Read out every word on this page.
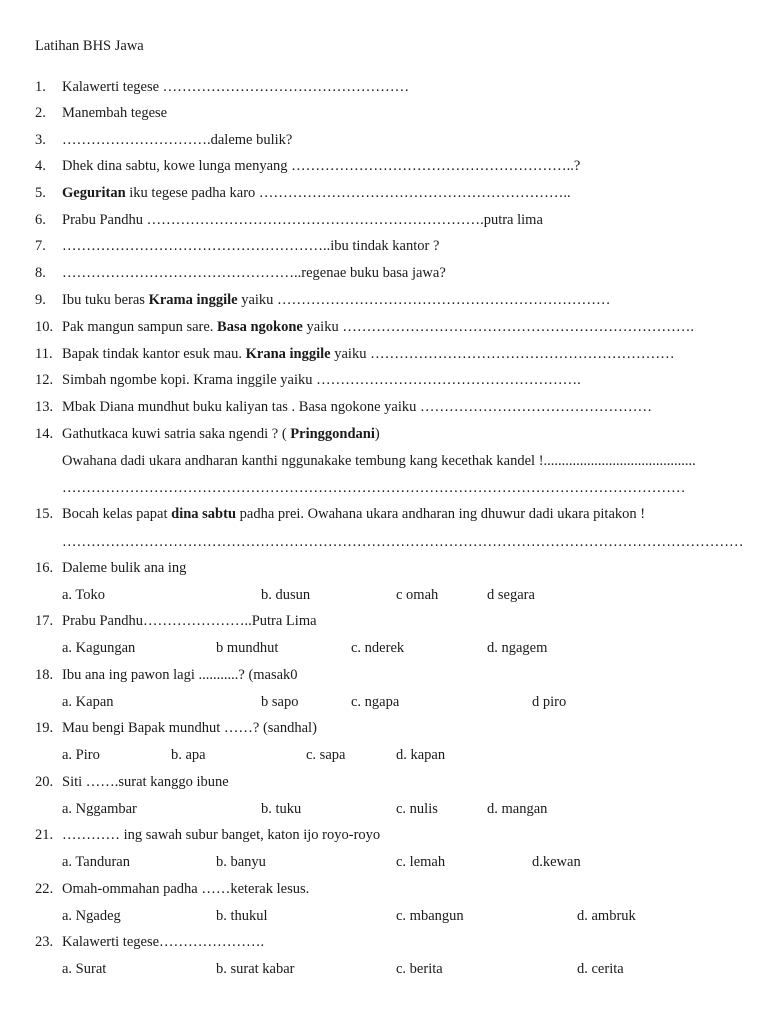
Latihan BHS Jawa
1. Kalawerti tegese ……………………………………………
2. Manembah tegese
3. ………………………….daleme bulik?
4. Dhek dina sabtu, kowe lunga menyang …………………………………………………..?
5. Geguritan iku tegese padha karo ………………………………………………………..
6. Prabu Pandhu …………………………………………………………….putra lima
7. ………………………………………………..ibu tindak kantor ?
8. …………………………………………..regenae buku basa jawa?
9. Ibu tuku beras Krama inggile yaiku ……………………………………………………………
10. Pak mangun sampun sare. Basa ngokone yaiku ……………………………………………………………….
11. Bapak tindak kantor esuk mau. Krana inggile yaiku ………………………………………………………
12. Simbah ngombe kopi. Krama inggile yaiku ……………………………………………….
13. Mbak Diana mundhut buku kaliyan tas . Basa ngokone yaiku …………………………………………
14. Gathutkaca kuwi satria saka ngendi ? ( Pringgondani)
Owahana dadi ukara andharan kanthi nggunakake tembung kang kecethak kandel !..........................................
…………………………………………………………………………………………………………………
15. Bocah kelas papat dina sabtu padha prei. Owahana ukara andharan ing dhuwur dadi ukara pitakon !
……………………………………………………………………………………………………………………………
16. Daleme bulik ana ing
a. Toko	b. dusun	c omah	d segara
17. Prabu Pandhu…………………..Putra Lima
a. Kagungan	b mundhut	c. nderek	d. ngagem
18. Ibu ana ing pawon lagi ...........? (masak0
a. Kapan	b sapo	c. ngapa	d piro
19. Mau bengi Bapak mundhut ……? (sandhal)
a. Piro	b. apa	c. sapa	d. kapan
20. Siti …….surat kanggo ibune
a. Nggambar	b. tuku	c. nulis	d. mangan
21. ………… ing sawah subur banget, katon ijo royo-royo
a. Tanduran	b. banyu	c. lemah	d.kewan
22. Omah-ommahan padha ……keterak lesus.
a. Ngadeg	b. thukul	c. mbangun	d. ambruk
23. Kalawerti tegese………………….
a. Surat	b. surat kabar	c. berita	d. cerita
